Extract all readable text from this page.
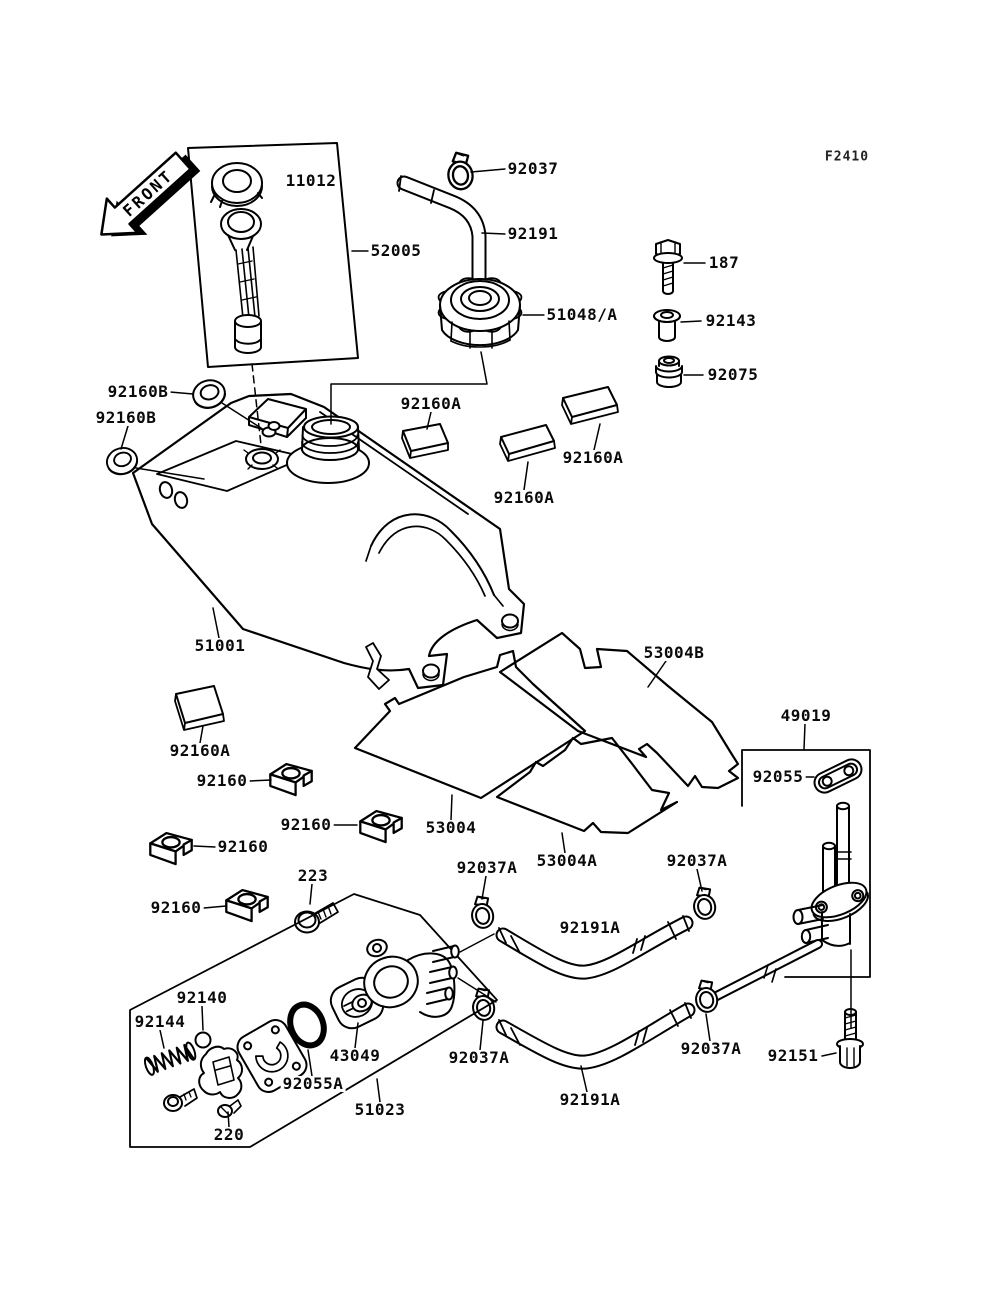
FRONT
F2410
11012
52005
92037
92191
51048/A
187
92143
92075
92160B
92160B
92160A
92160A
92160A
51001	53004B
49019
92055
92160A
92160
92160
92160
223
92160
92037A 53004A	92037A
53004
92191A
92140
92144
43049
92055A
92037A	92037A
51023
92191A
92151
220
